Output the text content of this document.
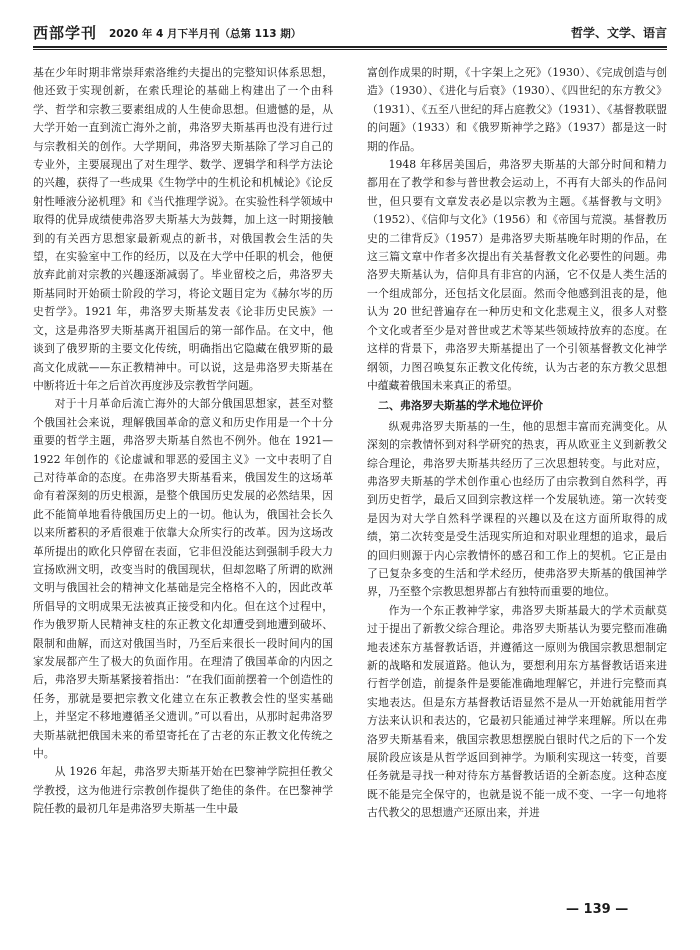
西部学刊 2020 年 4 月下半月刊（总第 113 期）	哲学、文学、语言

基在少年时期非常崇拜索洛维约夫提出的完整知识体系思想，他还致于实现创新，在索氏理论的基础上构建出了一个由科学、哲学和宗教三要素组成的人生使命思想。但遗憾的是，从大学开始一直到流亡海外之前，弗洛罗夫斯基再也没有进行过与宗教相关的创作。大学期间，弗洛罗夫斯基除了学习自己的专业外，主要展现出了对生理学、数学、逻辑学和科学方法论的兴趣，获得了一些成果《生物学中的生机论和机械论》《论反射性唾液分泌机理》和《当代推理学说》。在实验性科学领域中取得的优异成绩使弗洛罗夫斯基大为鼓舞，加上这一时期接触到的有关西方思想家最新观点的新书，对俄国教会生活的失望，在实验室中工作的经历，以及在大学中任职的机会，他便放弃此前对宗教的兴趣逐渐减弱了。毕业留校之后，弗洛罗夫斯基同时开始硕士阶段的学习，将论文题目定为《赫尔岑的历史哲学》。1921 年，弗洛罗夫斯基发表《论非历史民族》一文，这是弗洛罗夫斯基离开祖国后的第一部作品。在文中，他谈到了俄罗斯的主要文化传统，明确指出它隐藏在俄罗斯的最高文化成就——东正教精神中。可以说，这是弗洛罗夫斯基在中断将近十年之后首次再度涉及宗教哲学问题。

对于十月革命后流亡海外的大部分俄国思想家，甚至对整个俄国社会来说，理解俄国革命的意义和历史作用是一个十分重要的哲学主题，弗洛罗夫斯基自然也不例外。他在 1921—1922 年创作的《论虚诚和罪恶的爱国主义》一文中表明了自己对待革命的态度。在弗洛罗夫斯基看来，俄国发生的这场革命有着深刻的历史根源，是整个俄国历史发展的必然结果，因此不能简单地看待俄国历史上的一切。他认为，俄国社会长久以来所蓄积的矛盾很难于依靠大众所实行的改革。因为这场改革所提出的欧化只停留在表面，它非但没能达到强制手段大力宣扬欧洲文明，改变当时的俄国现状，但却忽略了所谓的欧洲文明与俄国社会的精神文化基础是完全格格不入的，因此改革所倡导的文明成果无法被真正接受和内化。但在这个过程中，作为俄罗斯人民精神支柱的东正教文化却遭受到地遭到破坏、限制和曲解，而这对俄国当时，乃至后来很长一段时间内的国家发展都产生了极大的负面作用。在理清了俄国革命的内因之后，弗洛罗夫斯基紧接着指出：“在我们面前摆着一个创造性的任务，那就是要把宗教文化建立在东正教教会性的坚实基础上，并坚定不移地遵循圣父遗训。”可以看出，从那时起弗洛罗夫斯基就把俄国未来的希望寄托在了古老的东正教文化传统之中。

从 1926 年起，弗洛罗夫斯基开始在巴黎神学院担任教父学教授，这为他进行宗教创作提供了绝佳的条件。在巴黎神学院任教的最初几年是弗洛罗夫斯基一生中最

富创作成果的时期，《十字架上之死》（1930）、《完成创造与创造》（1930）、《进化与后衰》（1930）、《四世纪的东方教父》（1931）、《五至八世纪的拜占庭教父》（1931）、《基督教联盟的问题》（1933）和《俄罗斯神学之路》（1937）都是这一时期的作品。

1948 年移居美国后，弗洛罗夫斯基的大部分时间和精力都用在了教学和参与普世教会运动上，不再有大部头的作品问世，但只要有文章发表必是以宗教为主题。《基督教与文明》（1952）、《信仰与文化》（1956）和《帝国与荒漠。基督教历史的二律背反》（1957）是弗洛罗夫斯基晚年时期的作品，在这三篇文章中作者多次提出有关基督教文化必要性的问题。弗洛罗夫斯基认为，信仰具有非宫的内涵，它不仅是人类生活的一个组成部分，还包括文化层面。然而令他感到沮丧的是，他认为 20 世纪普遍存在一种历史和文化悲观主义，很多人对整个文化或者至少是对普世或艺术等某些领域持放弃的态度。在这样的背景下，弗洛罗夫斯基提出了一个引领基督教文化神学纲领，力图召唤复东正教文化传统，认为古老的东方教父思想中蕴藏着俄国未来真正的希望。

二、弗洛罗夫斯基的学术地位评价

纵观弗洛罗夫斯基的一生，他的思想丰富而充满变化。从深刻的宗教情怀到对科学研究的热衷，再从欧亚主义到新教父综合理论，弗洛罗夫斯基共经历了三次思想转变。与此对应，弗洛罗夫斯基的学术创作重心也经历了由宗教到自然科学，再到历史哲学，最后又回到宗教这样一个发展轨迹。第一次转变是因为对大学自然科学课程的兴趣以及在这方面所取得的成绩，第二次转变是受生活现实所迫和对职业理想的追求，最后的回归则源于内心宗教情怀的感召和工作上的契机。它正是由了已复杂多变的生活和学术经历，使弗洛罗夫斯基的俄国神学界，乃至整个宗教思想界都占有独特而重要的地位。

作为一个东正教神学家，弗洛罗夫斯基最大的学术贡献莫过于提出了新教父综合理论。弗洛罗夫斯基认为要完整而准确地表述东方基督教话语，并遵循这一原则为俄国宗教思想制定新的战略和发展道路。他认为，要想利用东方基督教话语来进行哲学创造，前提条件是要能准确地理解它，并进行完整而真实地表达。但是东方基督教话语显然不是从一开始就能用哲学方法来认识和表达的，它最初只能通过神学来理解。所以在弗洛罗夫斯基看来，俄国宗教思想摆脱白银时代之后的下一个发展阶段应该是从哲学返回到神学。为顺利实现这一转变，首要任务就是寻找一种对待东方基督教话语的全新态度。这种态度既不能是完全保守的，也就是说不能一成不变、一字一句地将古代教父的思想遗产还原出来，并进

— 139 —
